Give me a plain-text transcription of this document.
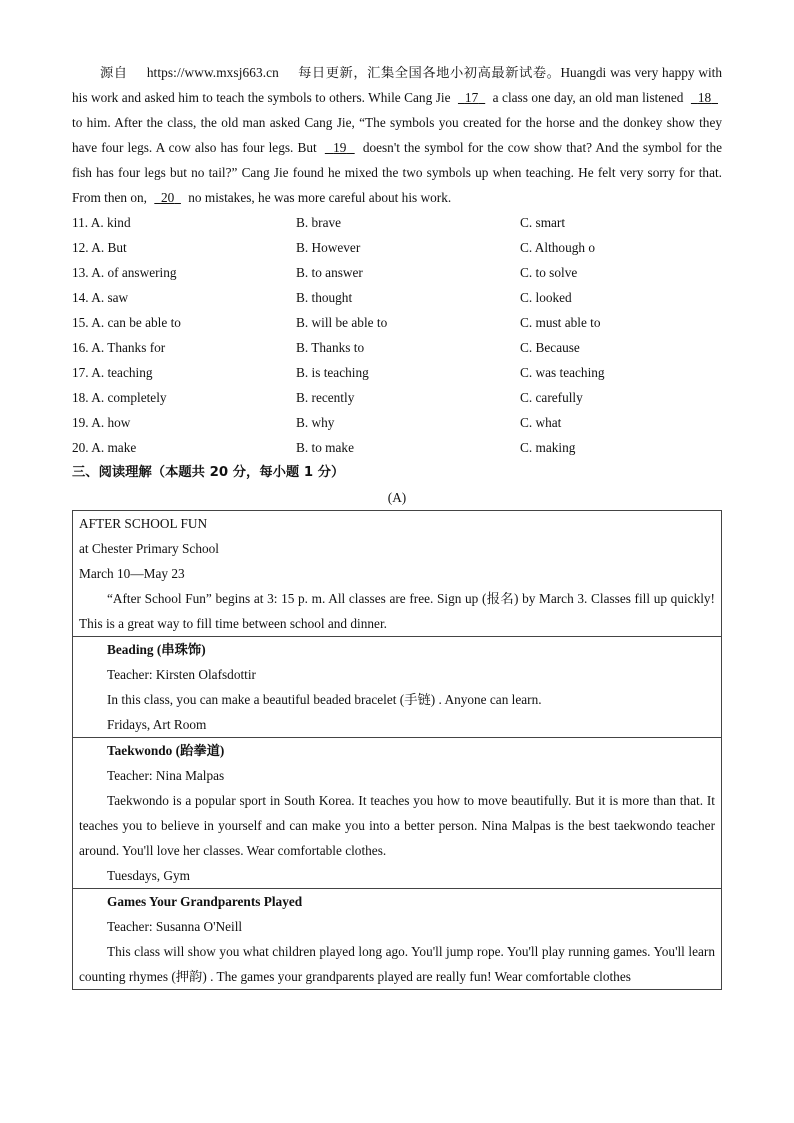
源自 https://www.mxsj663.cn 每日更新，汇集全国各地小初高最新试卷。Huangdi was very happy with his work and asked him to teach the symbols to others. While Cang Jie 17 a class one day, an old man listened 18   to him. After the class, the old man asked Cang Jie, “The symbols you created for the horse and the donkey show they have four legs. A cow also has four legs. But 19 doesn't the symbol for the cow show that? And the symbol for the fish has four legs but no tail?” Cang Jie found he mixed the two symbols up when teaching. He felt very sorry for that. From then on, 20 no mistakes, he was more careful about his work.

11. A. kind	B. brave	C. smart
12. A. But	B. However	C. Although o
13. A. of answering	B. to answer	C. to solve
14. A. saw	B. thought	C. looked
15. A. can be able to	B. will be able to	C. must able to
16. A. Thanks for	B. Thanks to	C. Because
17. A. teaching	B. is teaching	C. was teaching
18. A. completely	B. recently	C. carefully
19. A. how	B. why	C. what
20. A. make	B. to make	C. making
三、阅读理解（本题共 20 分，每小题 1 分）
(A)

AFTER SCHOOL FUN

at Chester Primary School

March 10—May 23

“After School Fun” begins at 3: 15 p. m. All classes are free. Sign up (报名) by March 3. Classes fill up quickly! This is a great way to fill time between school and dinner.

Beading (串珠饰)

Teacher: Kirsten Olafsdottir

In this class, you can make a beautiful beaded bracelet (手链) . Anyone can learn.

Fridays, Art Room

Taekwondo (跆拳道)

Teacher: Nina Malpas

Taekwondo is a popular sport in South Korea. It teaches you how to move beautifully. But it is more than that. It teaches you to believe in yourself and can make you into a better person. Nina Malpas is the best taekwondo teacher around. You'll love her classes. Wear comfortable clothes.

Tuesdays, Gym

Games Your Grandparents Played

Teacher: Susanna O'Neill

This class will show you what children played long ago. You'll jump rope. You'll play running games. You'll learn counting rhymes (押韵) . The games your grandparents played are really fun! Wear comfortable clothes
